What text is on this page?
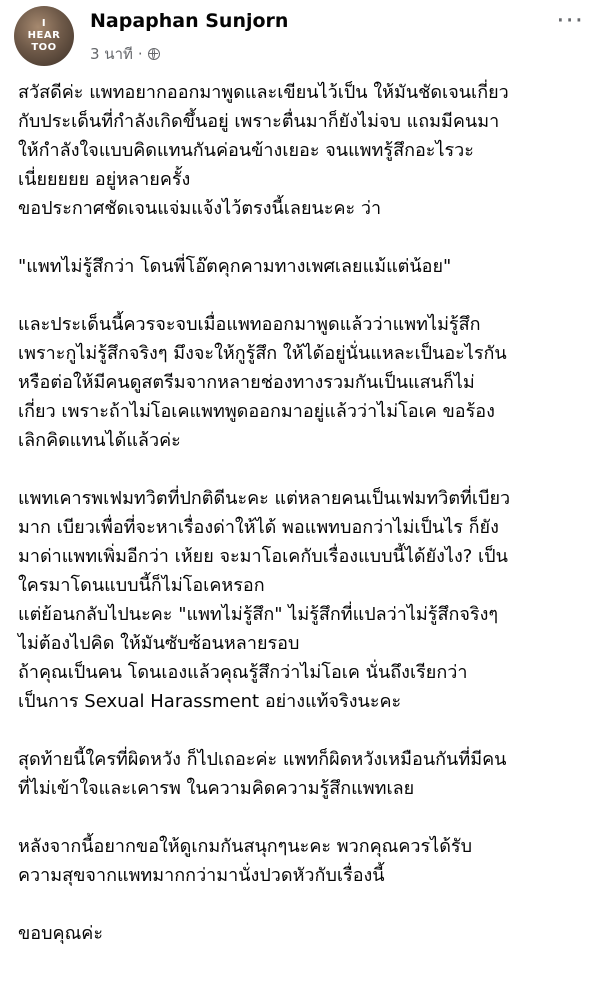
I
HEAR
TOO
Napaphan Sunjorn
3 นาที ·
···
สวัสดีค่ะ แพทอยากออกมาพูดและเขียนไว้เป็น ให้มันชัดเจนเกี่ยว
กับประเด็นที่กำลังเกิดขึ้นอยู่ เพราะตื่นมาก็ยังไม่จบ แถมมีคนมา
ให้กำลังใจแบบคิดแทนกันค่อนข้างเยอะ จนแพทรู้สึกอะไรวะ
เนี่ยยยยย อยู่หลายครั้ง
ขอประกาศชัดเจนแจ่มแจ้งไว้ตรงนี้เลยนะคะ ว่า
"แพทไม่รู้สึกว่า โดนพี่โอ๊ตคุกคามทางเพศเลยแม้แต่น้อย"
และประเด็นนี้ควรจะจบเมื่อแพทออกมาพูดแล้วว่าแพทไม่รู้สึก
เพราะกูไม่รู้สึกจริงๆ มึงจะให้กูรู้สึก ให้ได้อยู่นั่นแหละเป็นอะไรกัน
หรือต่อให้มีคนดูสตรีมจากหลายช่องทางรวมกันเป็นแสนก็ไม่
เกี่ยว เพราะถ้าไม่โอเคแพทพูดออกมาอยู่แล้วว่าไม่โอเค ขอร้อง
เลิกคิดแทนได้แล้วค่ะ
แพทเคารพเฟมทวิตที่ปกติดีนะคะ แต่หลายคนเป็นเฟมทวิตที่เบียว
มาก เบียวเพื่อที่จะหาเรื่องด่าให้ได้ พอแพทบอกว่าไม่เป็นไร ก็ยัง
มาด่าแพทเพิ่มอีกว่า เห้ยย จะมาโอเคกับเรื่องแบบนี้ได้ยังไง? เป็น
ใครมาโดนแบบนี้ก็ไม่โอเคหรอก
แต่ย้อนกลับไปนะคะ "แพทไม่รู้สึก" ไม่รู้สึกที่แปลว่าไม่รู้สึกจริงๆ
ไม่ต้องไปคิด ให้มันซับซ้อนหลายรอบ
ถ้าคุณเป็นคน โดนเองแล้วคุณรู้สึกว่าไม่โอเค นั่นถึงเรียกว่า
เป็นการ Sexual Harassment อย่างแท้จริงนะคะ
สุดท้ายนี้ใครที่ผิดหวัง ก็ไปเถอะค่ะ แพทก็ผิดหวังเหมือนกันที่มีคน
ที่ไม่เข้าใจและเคารพ ในความคิดความรู้สึกแพทเลย
หลังจากนี้อยากขอให้ดูเกมกันสนุกๆนะคะ พวกคุณควรได้รับ
ความสุขจากแพทมากกว่ามานั่งปวดหัวกับเรื่องนี้
ขอบคุณค่ะ
